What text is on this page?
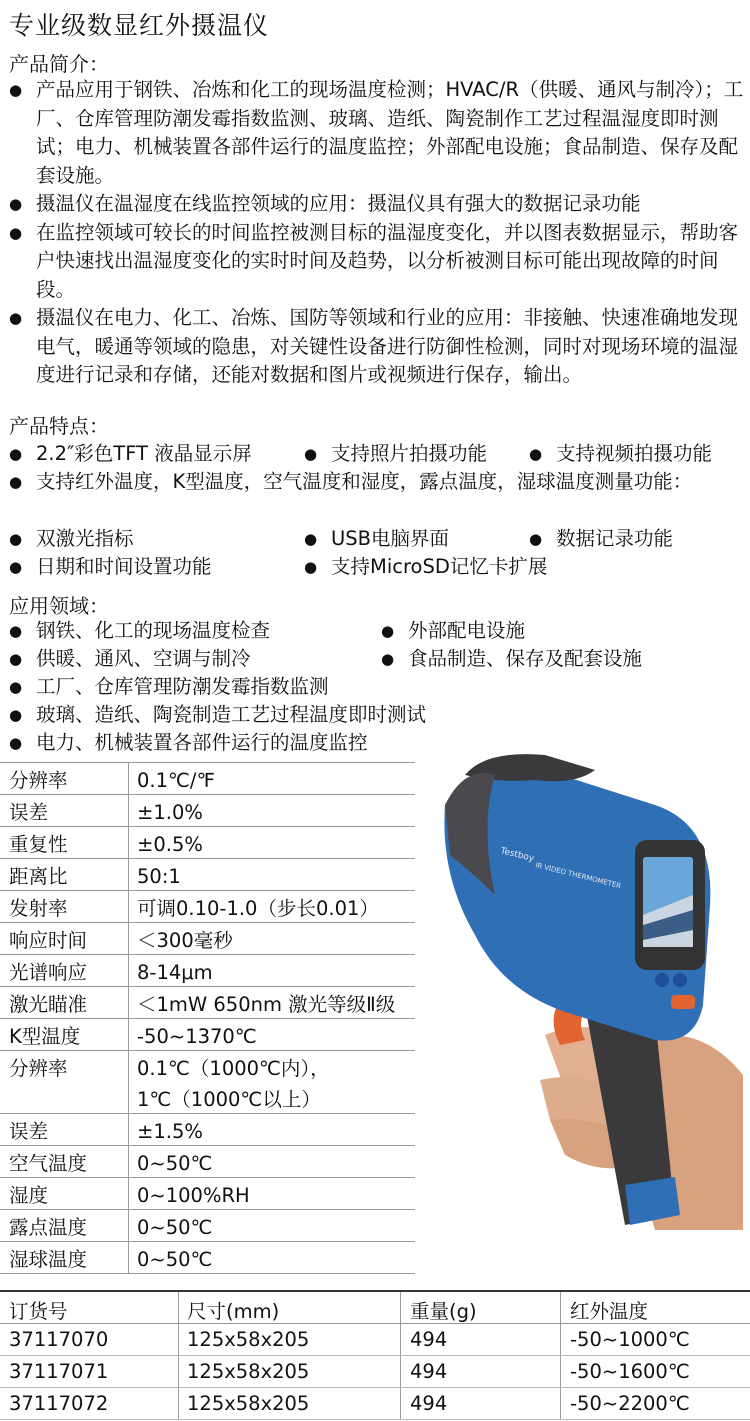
专业级数显红外摄温仪
产品简介：
● 产品应用于钢铁、冶炼和化工的现场温度检测；HVAC/R（供暖、通风与制冷）；工厂、仓库管理防潮发霉指数监测、玻璃、造纸、陶瓷制作工艺过程温湿度即时测试；电力、机械装置各部件运行的温度监控；外部配电设施；食品制造、保存及配套设施。
● 摄温仪在温湿度在线监控领域的应用：摄温仪具有强大的数据记录功能
● 在监控领域可较长的时间监控被测目标的温湿度变化，并以图表数据显示，帮助客户快速找出温湿度变化的实时时间及趋势，以分析被测目标可能出现故障的时间段。
● 摄温仪在电力、化工、冶炼、国防等领域和行业的应用：非接触、快速准确地发现电气，暖通等领域的隐患，对关键性设备进行防御性检测，同时对现场环境的温湿度进行记录和存储，还能对数据和图片或视频进行保存，输出。
产品特点：
● 2.2″彩色TFT 液晶显示屏	● 支持照片拍摄功能	● 支持视频拍摄功能
● 支持红外温度，K型温度，空气温度和湿度，露点温度，湿球温度测量功能：
● 双激光指标	● USB电脑界面	● 数据记录功能
● 日期和时间设置功能	● 支持MicroSD记忆卡扩展
应用领域：
● 钢铁、化工的现场温度检查	● 外部配电设施
● 供暖、通风、空调与制冷	● 食品制造、保存及配套设施
● 工厂、仓库管理防潮发霉指数监测
● 玻璃、造纸、陶瓷制造工艺过程温度即时测试
● 电力、机械装置各部件运行的温度监控
分辨率	0.1℃/℉
误差	±1.0%
重复性	±0.5%
距离比	50:1
发射率	可调0.10-1.0（步长0.01）
响应时间	＜300毫秒
光谱响应	8-14μm
激光瞄准	＜1mW 650nm 激光等级Ⅱ级
K型温度	-50~1370℃
分辨率	0.1℃（1000℃内），
1℃（1000℃以上）
误差	±1.5%
空气温度	0~50℃
湿度	0~100%RH
露点温度	0~50℃
湿球温度	0~50℃
Testboy
IR VIDEO THERMOMETER
订货号	尺寸(mm)	重量(g)	红外温度
37117070	125x58x205	494	-50~1000℃
37117071	125x58x205	494	-50~1600℃
37117072	125x58x205	494	-50~2200℃
